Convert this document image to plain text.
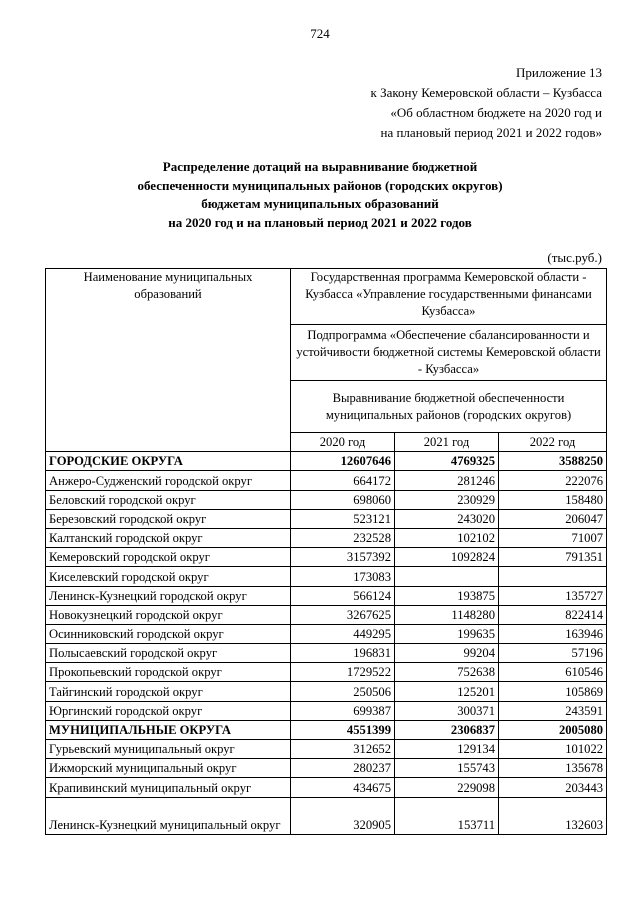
724
Приложение 13
к Закону Кемеровской области – Кузбасса
«Об областном бюджете на 2020 год и
на плановый период 2021 и 2022 годов»
Распределение дотаций на выравнивание бюджетной
обеспеченности муниципальных районов (городских округов)
бюджетам муниципальных образований
на 2020 год и на плановый период 2021 и 2022 годов
(тыс.руб.)
Наименование муниципальных образований	Государственная программа Кемеровской области - Кузбасса «Управление государственными финансами Кузбасса»		
	Подпрограмма «Обеспечение сбалансированности и устойчивости бюджетной системы Кемеровской области - Кузбасса»		
	Выравнивание бюджетной обеспеченности муниципальных районов (городских округов)		
	2020 год	2021 год	2022 год
ГОРОДСКИЕ ОКРУГА	12607646	4769325	3588250
Анжеро-Судженский городской округ	664172	281246	222076
Беловский городской округ	698060	230929	158480
Березовский городской округ	523121	243020	206047
Калтанский городской округ	232528	102102	71007
Кемеровский городской округ	3157392	1092824	791351
Киселевский городской округ	173083		
Ленинск-Кузнецкий городской округ	566124	193875	135727
Новокузнецкий городской округ	3267625	1148280	822414
Осинниковский городской округ	449295	199635	163946
Полысаевский городской округ	196831	99204	57196
Прокопьевский городской округ	1729522	752638	610546
Тайгинский городской округ	250506	125201	105869
Юргинский городской округ	699387	300371	243591
МУНИЦИПАЛЬНЫЕ ОКРУГА	4551399	2306837	2005080
Гурьевский муниципальный округ	312652	129134	101022
Ижморский муниципальный округ	280237	155743	135678
Крапивинский муниципальный округ	434675	229098	203443
Ленинск-Кузнецкий муниципальный округ	320905	153711	132603
